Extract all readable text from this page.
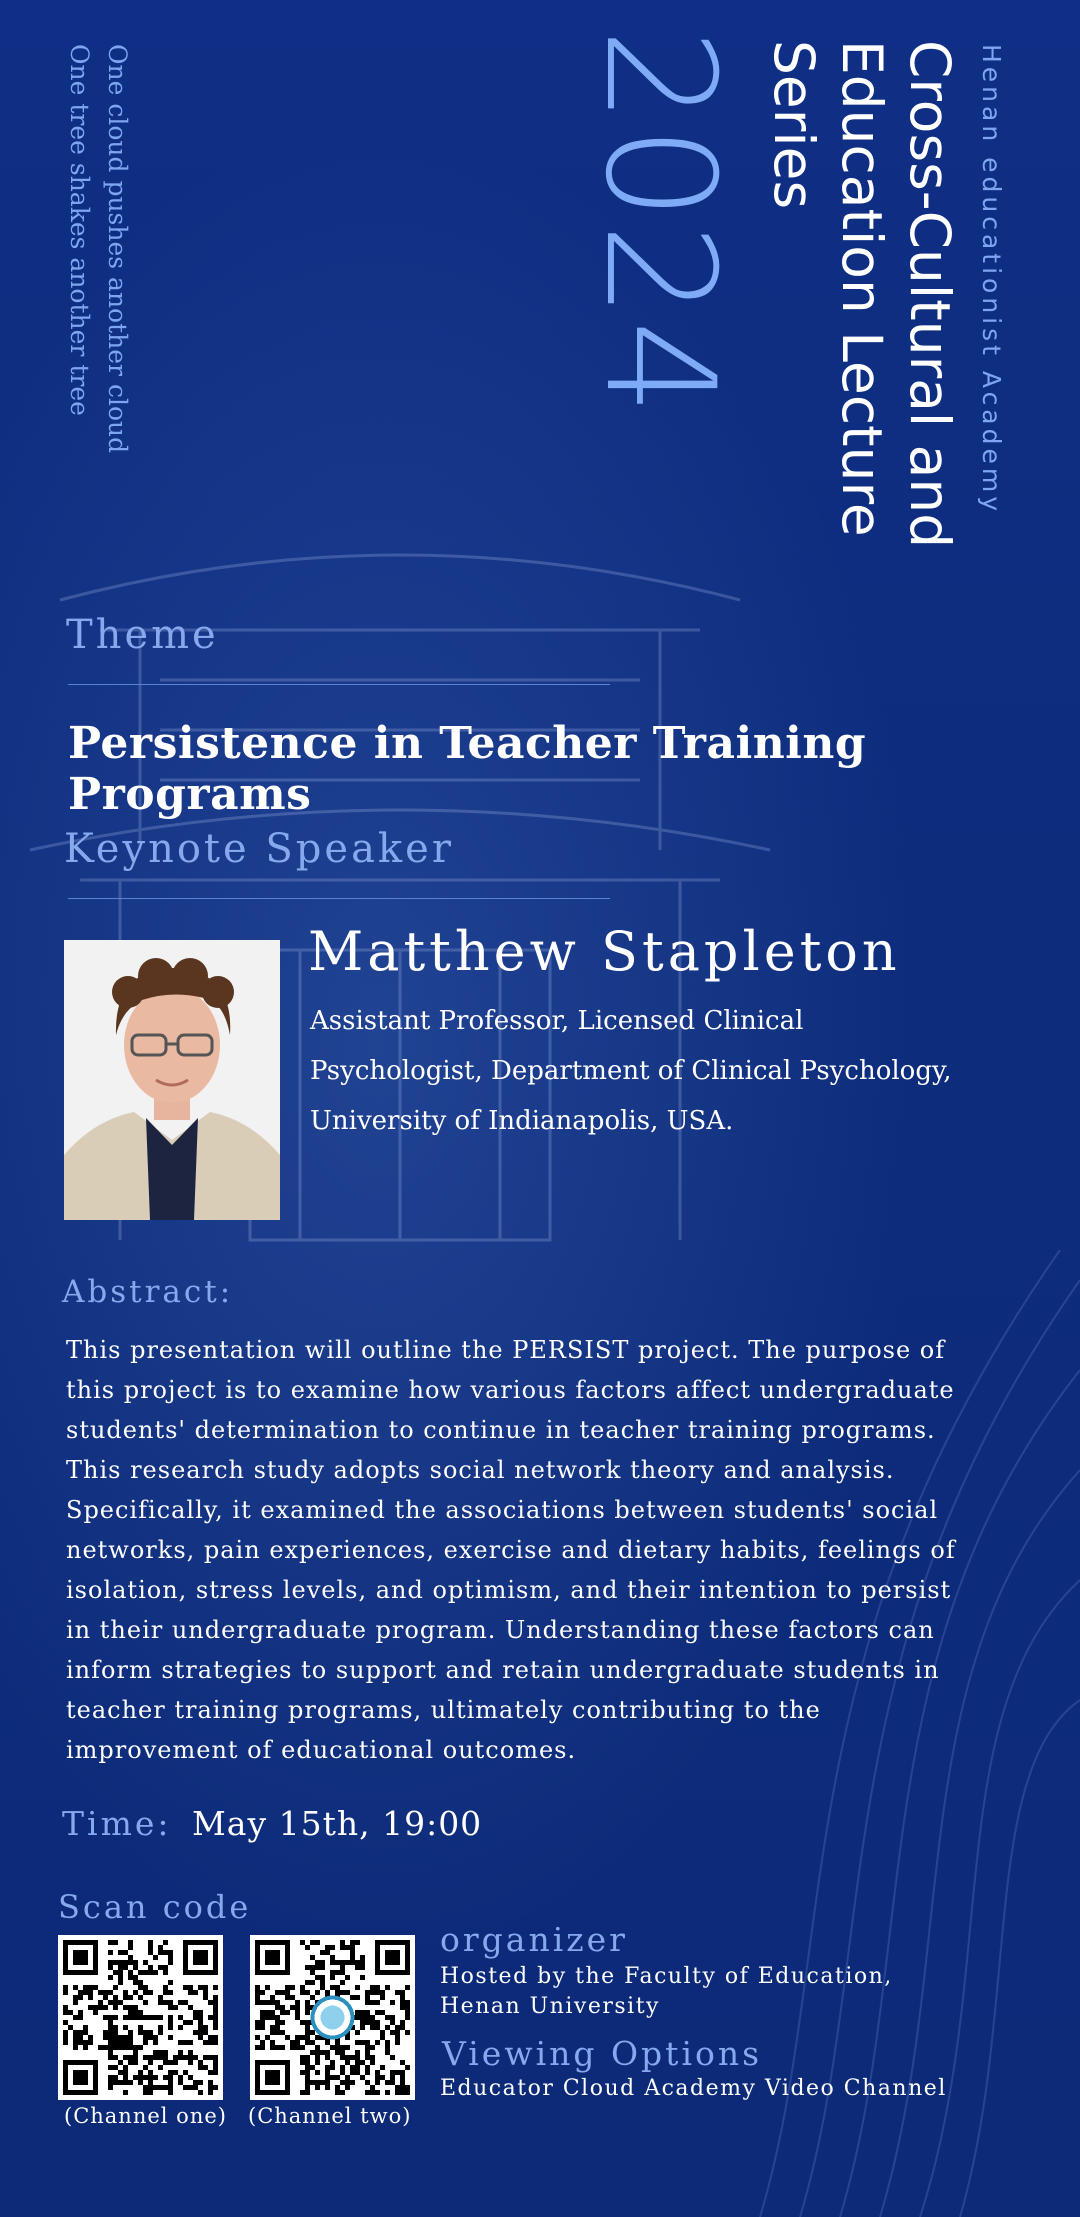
Henan educationist Academy
Cross-Cultural and Education Lecture Series
2024
One cloud pushes another cloud
One tree shakes another tree
Theme
Persistence in Teacher Training Programs
Keynote Speaker
Matthew Stapleton
Assistant Professor, Licensed Clinical Psychologist, Department of Clinical Psychology, University of Indianapolis, USA.
Abstract:
This presentation will outline the PERSIST project. The purpose of this project is to examine how various factors affect undergraduate students' determination to continue in teacher training programs. This research study adopts social network theory and analysis. Specifically, it examined the associations between students' social networks, pain experiences, exercise and dietary habits, feelings of isolation, stress levels, and optimism, and their intention to persist in their undergraduate program. Understanding these factors can inform strategies to support and retain undergraduate students in teacher training programs, ultimately contributing to the improvement of educational outcomes.
Time: May 15th, 19:00
Scan code
(Channel one) (Channel two)
organizer
Hosted by the Faculty of Education,
Henan University
Viewing Options
Educator Cloud Academy Video Channel
